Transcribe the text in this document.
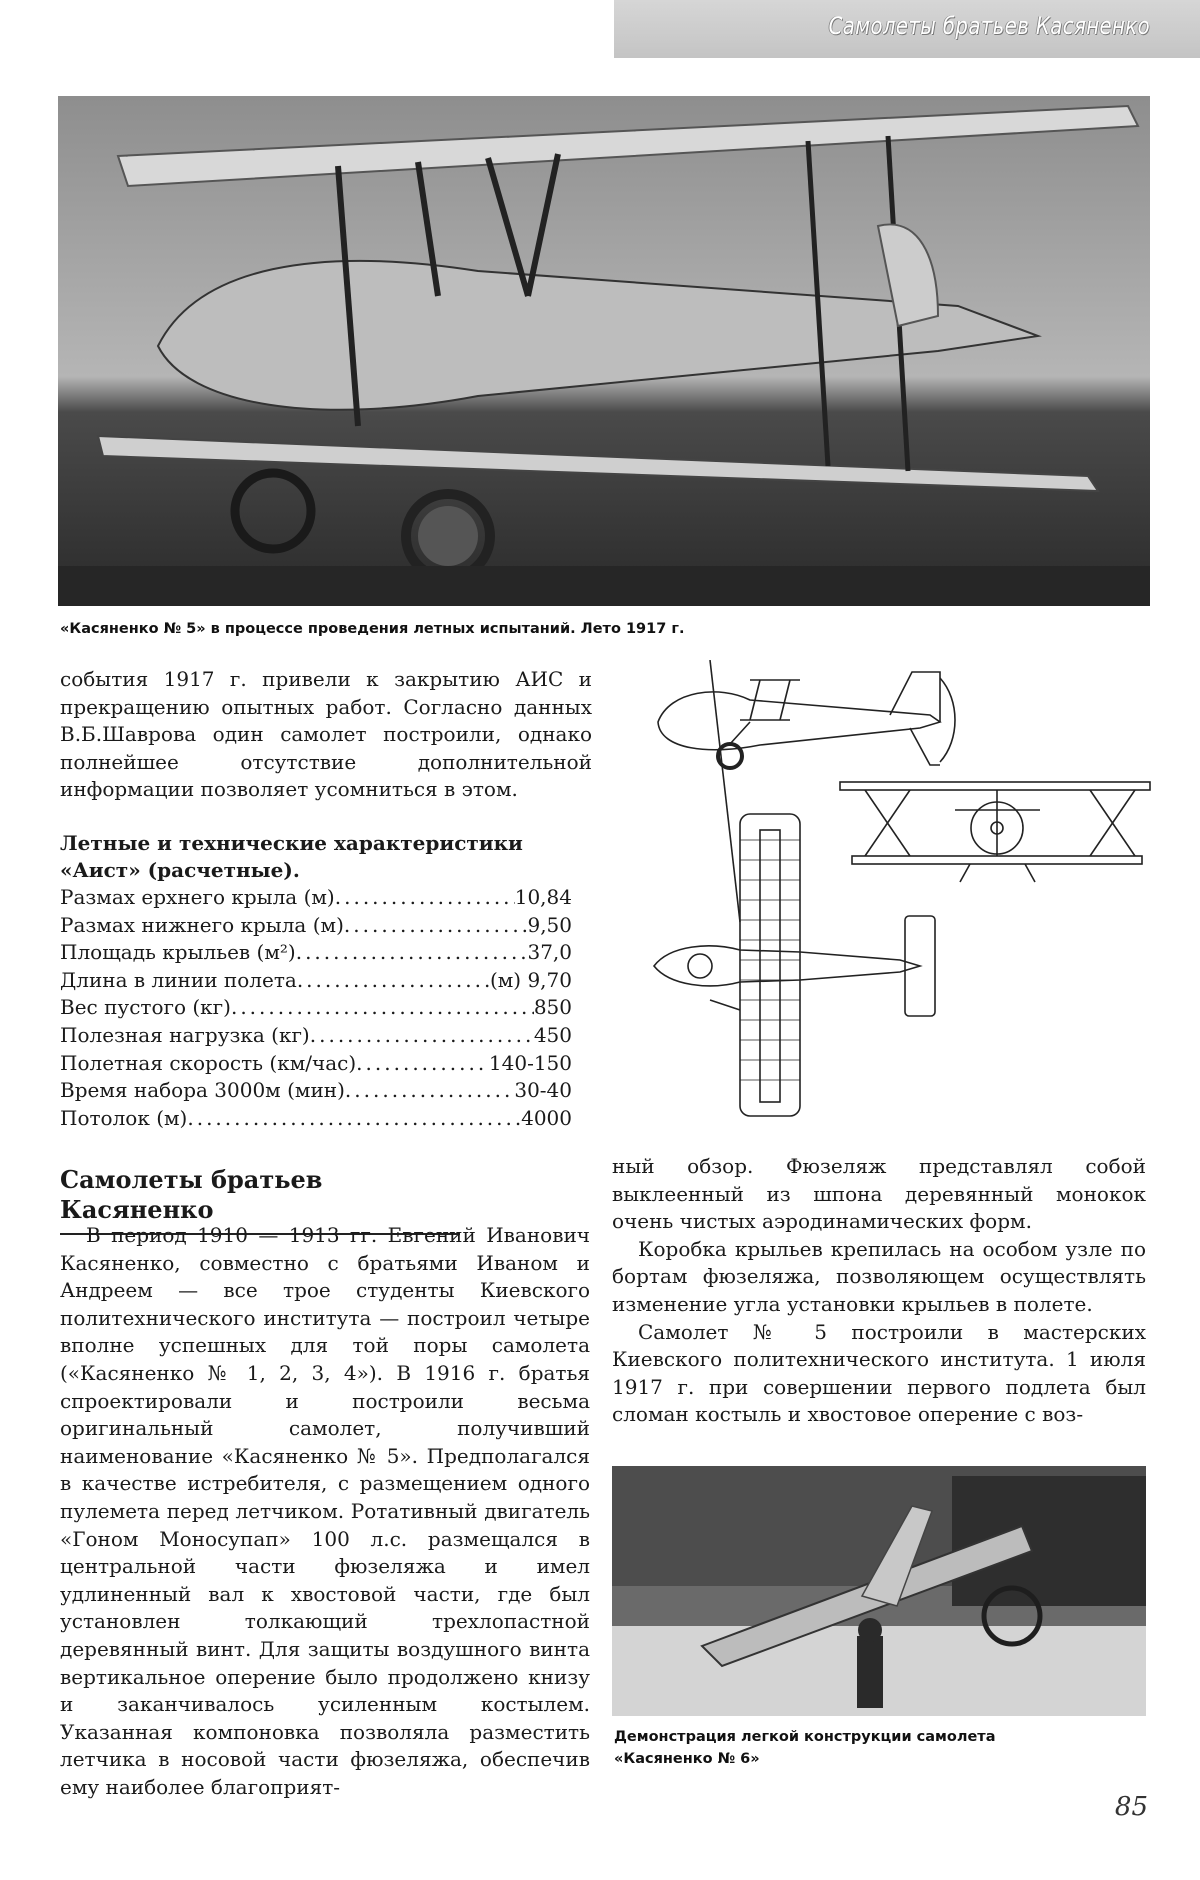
Самолеты братьев Касяненко
«Касяненко № 5» в процессе проведения летных испытаний. Лето 1917 г.

события 1917 г. привели к закрытию АИС и прекращению опытных работ. Согласно данных В.Б.Шаврова один самолет построили, однако полнейшее отсутствие дополнительной информации позволяет усомниться в этом.

Летные и технические характеристики
«Аист» (расчетные).
Размах ерхнего крыла (м) .....	10,84
Размах нижнего крыла (м) .....	9,50
Площадь крыльев (м²) .....	37,0
Длина в линии полета .....	(м) 9,70
Вес пустого (кг) .....	850
Полезная нагрузка (кг) .....	450
Полетная скорость (км/час) .....	140-150
Время набора 3000м (мин) .....	30-40
Потолок (м) .....	4000
Самолеты братьев Касяненко

В период 1910 — 1913 гг. Евгений Иванович Касяненко, совместно с братьями Иваном и Андреем — все трое студенты Киевского политехнического института — построил четыре вполне успешных для той поры самолета («Касяненко № 1, 2, 3, 4»). В 1916 г. братья спроектировали и построили весьма оригинальный самолет, получивший наименование «Касяненко № 5». Предполагался в качестве истребителя, с размещением одного пулемета перед летчиком. Ротативный двигатель «Гоном Моносупап» 100 л.с. размещался в центральной части фюзеляжа и имел удлиненный вал к хвостовой части, где был установлен толкающий трехлопастной деревянный винт. Для защиты воздушного винта вертикальное оперение было продолжено книзу и заканчивалось усиленным костылем. Указанная компоновка позволяла разместить летчика в носовой части фюзеляжа, обеспечив ему наиболее благоприят-

ный обзор. Фюзеляж представлял собой выклеенный из шпона деревянный монокок очень чистых аэродинамических форм.

Коробка крыльев крепилась на особом узле по бортам фюзеляжа, позволяющем осуществлять изменение угла установки крыльев в полете.

Самолет № 5 построили в мастерских Киевского политехнического института. 1 июля 1917 г. при совершении первого подлета был сломан костыль и хвостовое оперение с воз-

Демонстрация легкой конструкции самолета
«Касяненко № 6»
85
